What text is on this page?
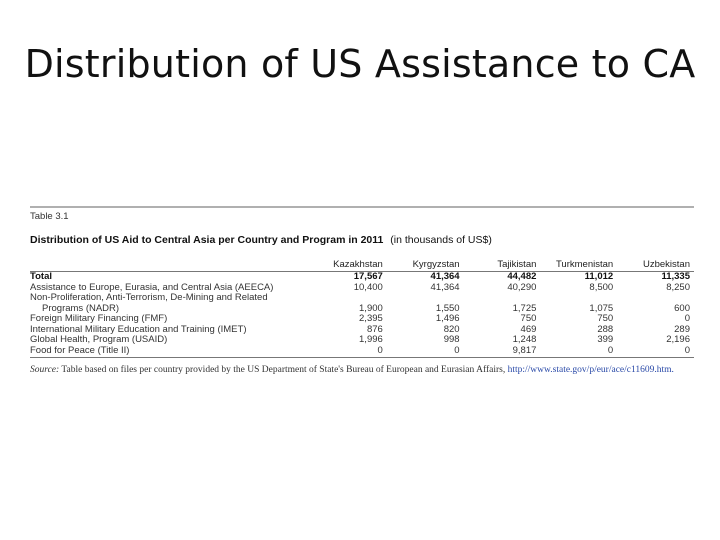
Distribution of US Assistance to CA
Table 3.1
Distribution of US Aid to Central Asia per Country and Program in 2011 (in thousands of US$)
	Kazakhstan	Kyrgyzstan	Tajikistan	Turkmenistan	Uzbekistan
Total	17,567	41,364	44,482	11,012	11,335
Assistance to Europe, Eurasia, and Central Asia (AEECA)	10,400	41,364	40,290	8,500	8,250
Non-Proliferation, Anti-Terrorism, De-Mining and Related					
Programs (NADR)	1,900	1,550	1,725	1,075	600
Foreign Military Financing (FMF)	2,395	1,496	750	750	0
International Military Education and Training (IMET)	876	820	469	288	289
Global Health, Program (USAID)	1,996	998	1,248	399	2,196
Food for Peace (Title II)	0	0	9,817	0	0
Source: Table based on files per country provided by the US Department of State's Bureau of European and Eurasian Affairs, http://www.state.gov/p/eur/ace/c11609.htm.
